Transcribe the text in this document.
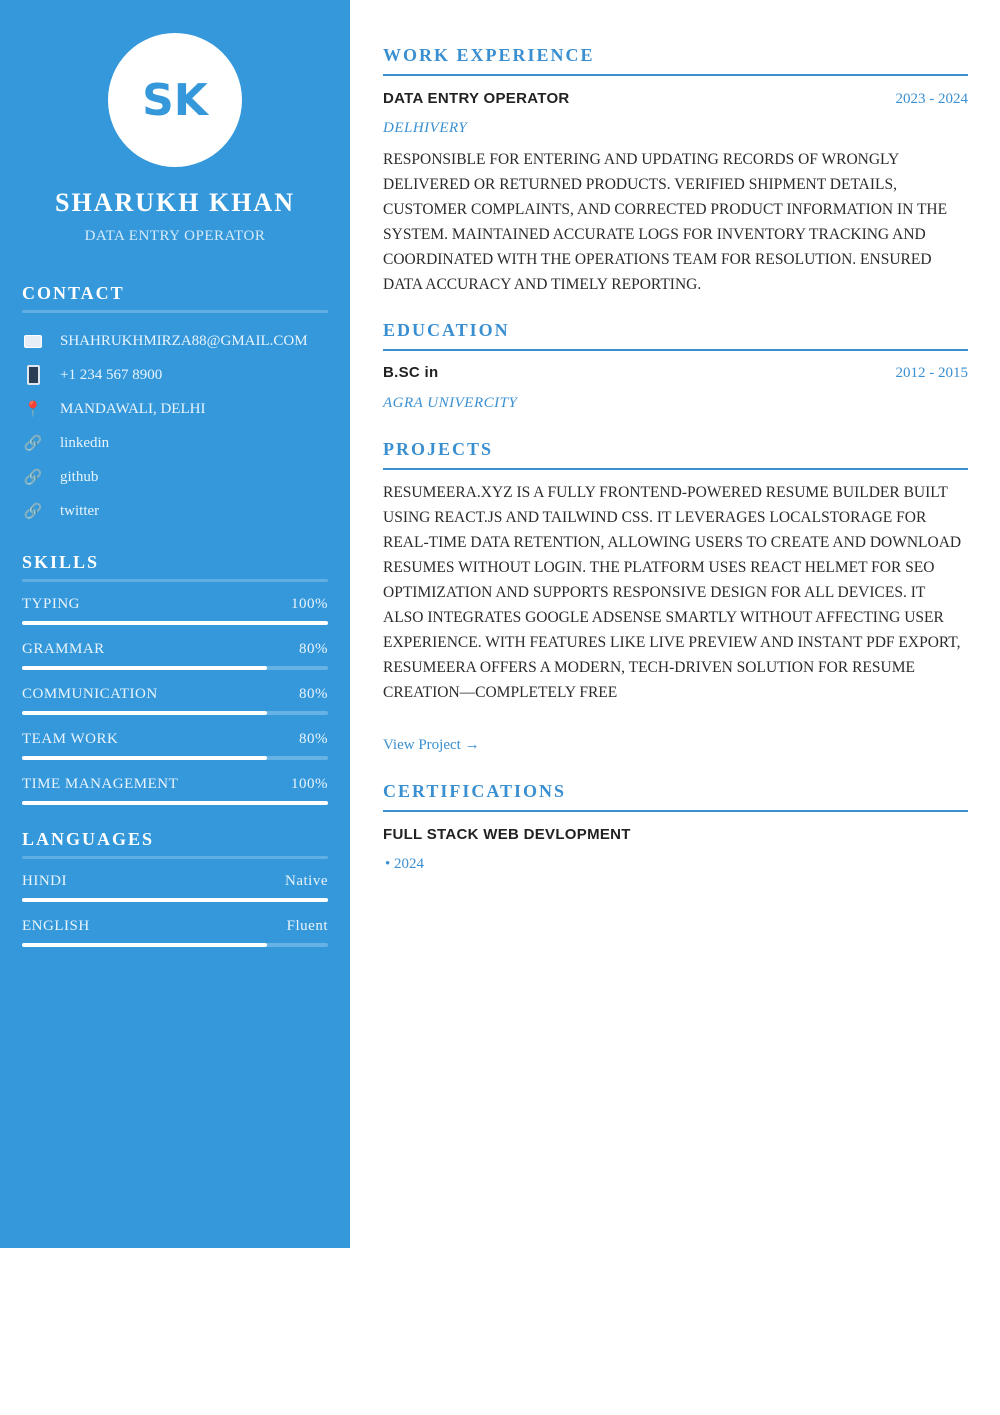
SK
SHARUKH KHAN
DATA ENTRY OPERATOR
CONTACT
SHAHRUKHMIRZA88@GMAIL.COM
+1 234 567 8900
📍 MANDAWALI, DELHI
🔗 linkedin
🔗 github
🔗 twitter
SKILLS
TYPING	100%
GRAMMAR	80%
COMMUNICATION	80%
TEAM WORK	80%
TIME MANAGEMENT	100%
LANGUAGES
HINDI	Native
ENGLISH	Fluent
WORK EXPERIENCE
DATA ENTRY OPERATOR	2023 - 2024
DELHIVERY

RESPONSIBLE FOR ENTERING AND UPDATING RECORDS OF WRONGLY DELIVERED OR RETURNED PRODUCTS. VERIFIED SHIPMENT DETAILS, CUSTOMER COMPLAINTS, AND CORRECTED PRODUCT INFORMATION IN THE SYSTEM. MAINTAINED ACCURATE LOGS FOR INVENTORY TRACKING AND COORDINATED WITH THE OPERATIONS TEAM FOR RESOLUTION. ENSURED DATA ACCURACY AND TIMELY REPORTING.

EDUCATION
B.SC in	2012 - 2015
AGRA UNIVERCITY
PROJECTS

RESUMEERA.XYZ IS A FULLY FRONTEND-POWERED RESUME BUILDER BUILT USING REACT.JS AND TAILWIND CSS. IT LEVERAGES LOCALSTORAGE FOR REAL-TIME DATA RETENTION, ALLOWING USERS TO CREATE AND DOWNLOAD RESUMES WITHOUT LOGIN. THE PLATFORM USES REACT HELMET FOR SEO OPTIMIZATION AND SUPPORTS RESPONSIVE DESIGN FOR ALL DEVICES. IT ALSO INTEGRATES GOOGLE ADSENSE SMARTLY WITHOUT AFFECTING USER EXPERIENCE. WITH FEATURES LIKE LIVE PREVIEW AND INSTANT PDF EXPORT, RESUMEERA OFFERS A MODERN, TECH-DRIVEN SOLUTION FOR RESUME CREATION—COMPLETELY FREE

View Project →
CERTIFICATIONS
FULL STACK WEB DEVLOPMENT
• 2024
